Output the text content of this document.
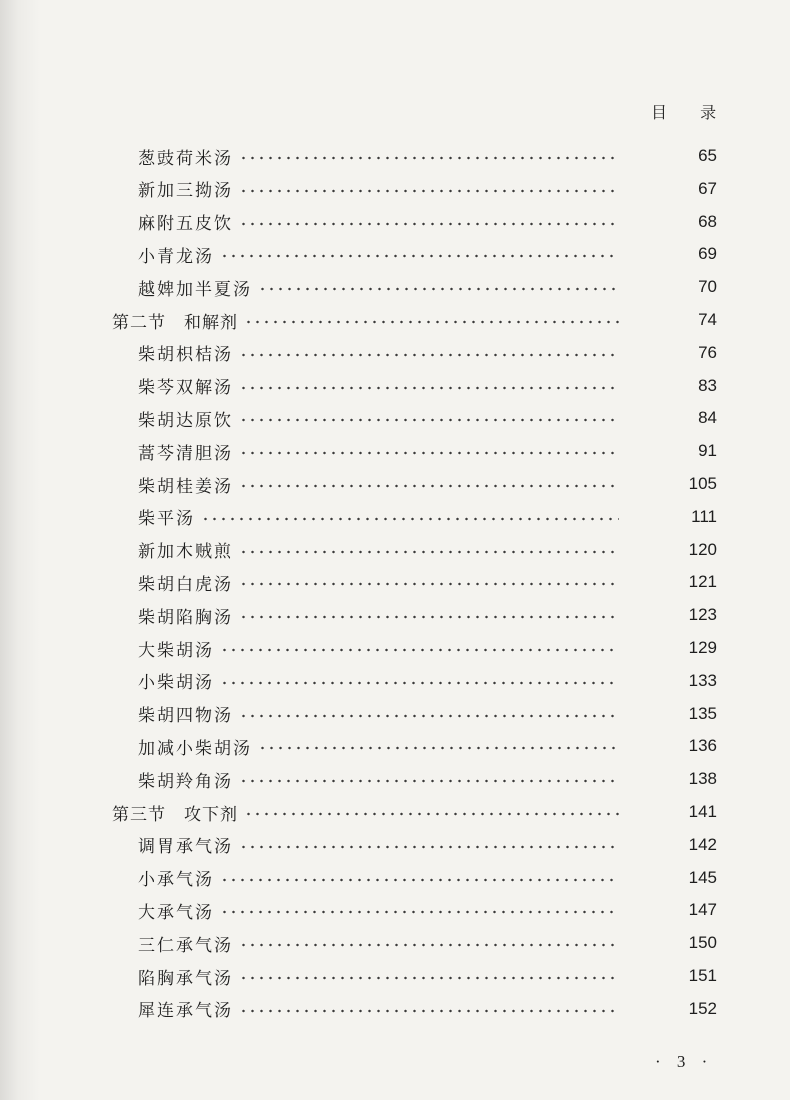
目 录
葱豉荷米汤	65
新加三拗汤	67
麻附五皮饮	68
小青龙汤	69
越婢加半夏汤	70
第二节 和解剂	74
柴胡枳桔汤	76
柴芩双解汤	83
柴胡达原饮	84
蒿芩清胆汤	91
柴胡桂姜汤	105
柴平汤	111
新加木贼煎	120
柴胡白虎汤	121
柴胡陷胸汤	123
大柴胡汤	129
小柴胡汤	133
柴胡四物汤	135
加减小柴胡汤	136
柴胡羚角汤	138
第三节 攻下剂	141
调胃承气汤	142
小承气汤	145
大承气汤	147
三仁承气汤	150
陷胸承气汤	151
犀连承气汤	152
· 3 ·
